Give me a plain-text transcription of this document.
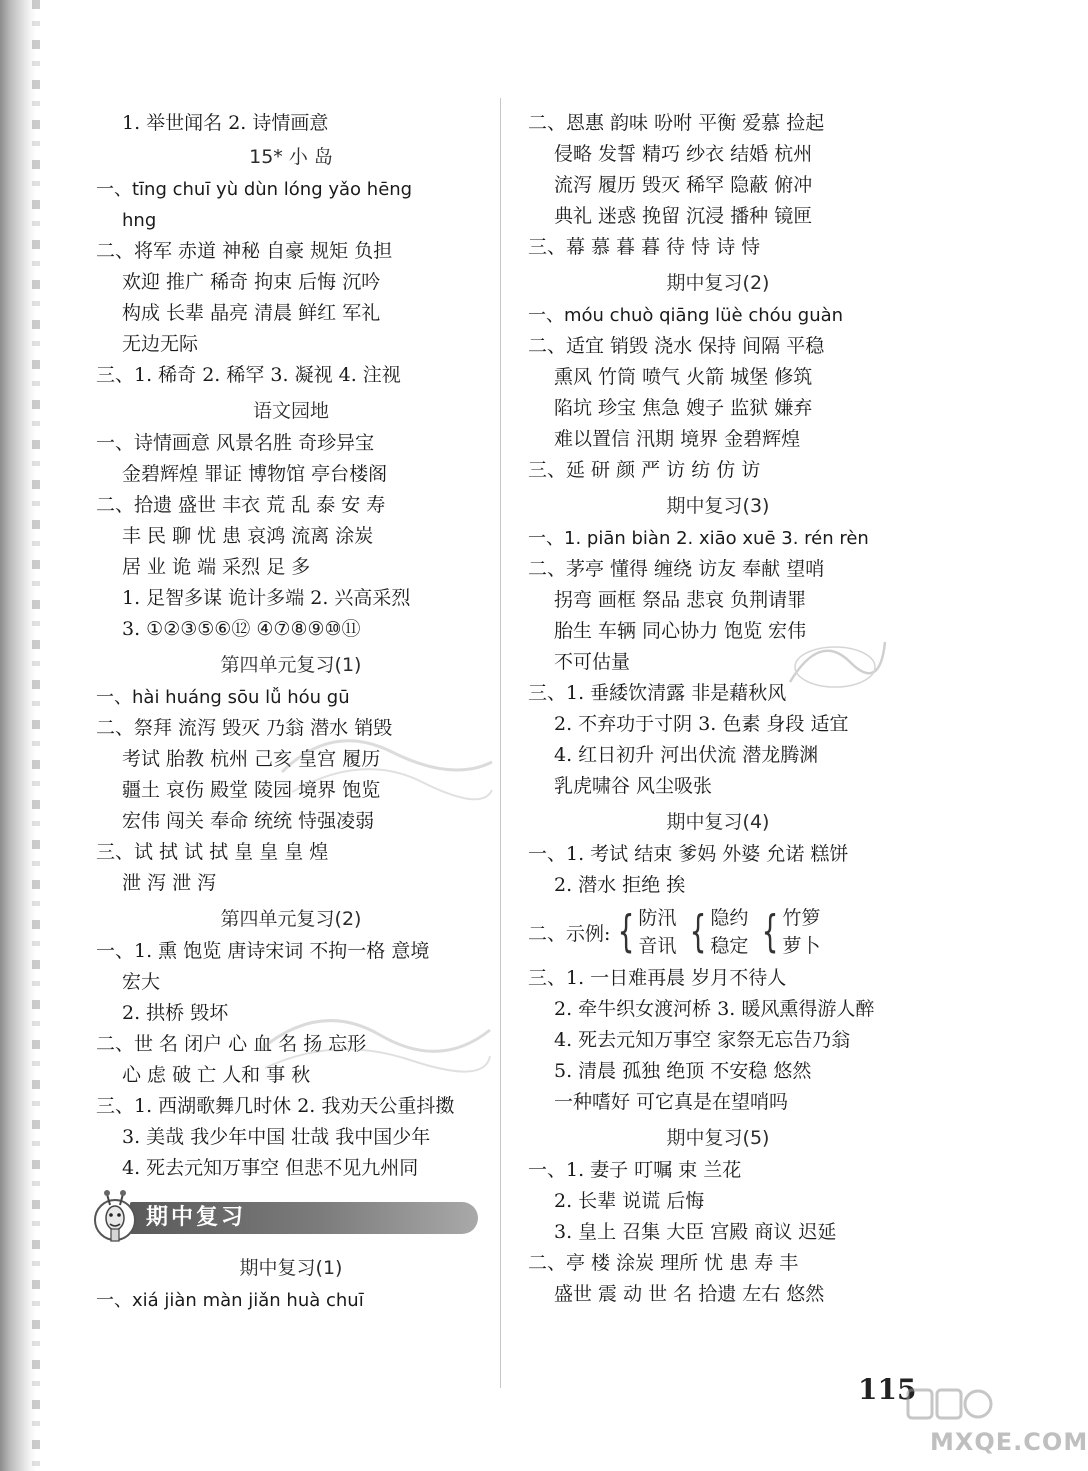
1. 举世闻名 2. 诗情画意
15* 小 岛
一、tīng chuī yù dùn lóng yǎo hēng
hng
二、将军 赤道 神秘 自豪 规矩 负担
欢迎 推广 稀奇 拘束 后悔 沉吟
构成 长辈 晶亮 清晨 鲜红 军礼
无边无际
三、1. 稀奇 2. 稀罕 3. 凝视 4. 注视
语文园地
一、诗情画意 风景名胜 奇珍异宝
金碧辉煌 罪证 博物馆 亭台楼阁
二、拾遗 盛世 丰衣 荒 乱 泰 安 寿
丰 民 聊 忧 患 哀鸿 流离 涂炭
居 业 诡 端 采烈 足 多
1. 足智多谋 诡计多端 2. 兴高采烈
3. ①②③⑤⑥⑫ ④⑦⑧⑨⑩⑪
第四单元复习(1)
一、hài huáng sōu lǚ hóu gū
二、祭拜 流泻 毁灭 乃翁 潜水 销毁
考试 胎教 杭州 己亥 皇宫 履历
疆土 哀伤 殿堂 陵园 境界 饱览
宏伟 闯关 奉命 统统 恃强凌弱
三、试 拭 试 拭 皇 皇 皇 煌
泄 泻 泄 泻
第四单元复习(2)
一、1. 熏 饱览 唐诗宋词 不拘一格 意境
宏大
2. 拱桥 毁坏
二、世 名 闭户 心 血 名 扬 忘形
心 虑 破 亡 人和 事 秋
三、1. 西湖歌舞几时休 2. 我劝天公重抖擞
3. 美哉 我少年中国 壮哉 我中国少年
4. 死去元知万事空 但悲不见九州同
期中复习
期中复习(1)
一、xiá jiàn màn jiǎn huà chuī
二、恩惠 韵味 吩咐 平衡 爱慕 捡起
侵略 发誓 精巧 纱衣 结婚 杭州
流泻 履历 毁灭 稀罕 隐蔽 俯冲
典礼 迷惑 挽留 沉浸 播种 镜匣
三、幕 慕 暮 暮 待 恃 诗 恃
期中复习(2)
一、móu chuò qiāng lüè chóu guàn
二、适宜 销毁 浇水 保持 间隔 平稳
熏风 竹筒 喷气 火箭 城堡 修筑
陷坑 珍宝 焦急 嫂子 监狱 嫌弃
难以置信 汛期 境界 金碧辉煌
三、延 研 颜 严 访 纺 仿 访
期中复习(3)
一、1. piān biàn 2. xiāo xuē 3. rén rèn
二、茅亭 懂得 缠绕 访友 奉献 望哨
拐弯 画框 祭品 悲哀 负荆请罪
胎生 车辆 同心协力 饱览 宏伟
不可估量
三、1. 垂緌饮清露 非是藉秋风
2. 不弃功于寸阴 3. 色素 身段 适宜
4. 红日初升 河出伏流 潜龙腾渊
乳虎啸谷 风尘吸张
期中复习(4)
一、1. 考试 结束 爹妈 外婆 允诺 糕饼
2. 潜水 拒绝 挨
二、示例: { 防汛
音讯 { 隐约
稳定 { 竹箩
萝卜
三、1. 一日难再晨 岁月不待人
2. 牵牛织女渡河桥 3. 暖风熏得游人醉
4. 死去元知万事空 家祭无忘告乃翁
5. 清晨 孤独 绝顶 不安稳 悠然
一种嗜好 可它真是在望哨吗
期中复习(5)
一、1. 妻子 叮嘱 束 兰花
2. 长辈 说谎 后悔
3. 皇上 召集 大臣 宫殿 商议 迟延
二、亭 楼 涂炭 理所 忧 患 寿 丰
盛世 震 动 世 名 拾遗 左右 悠然
115
MXQE.COM
